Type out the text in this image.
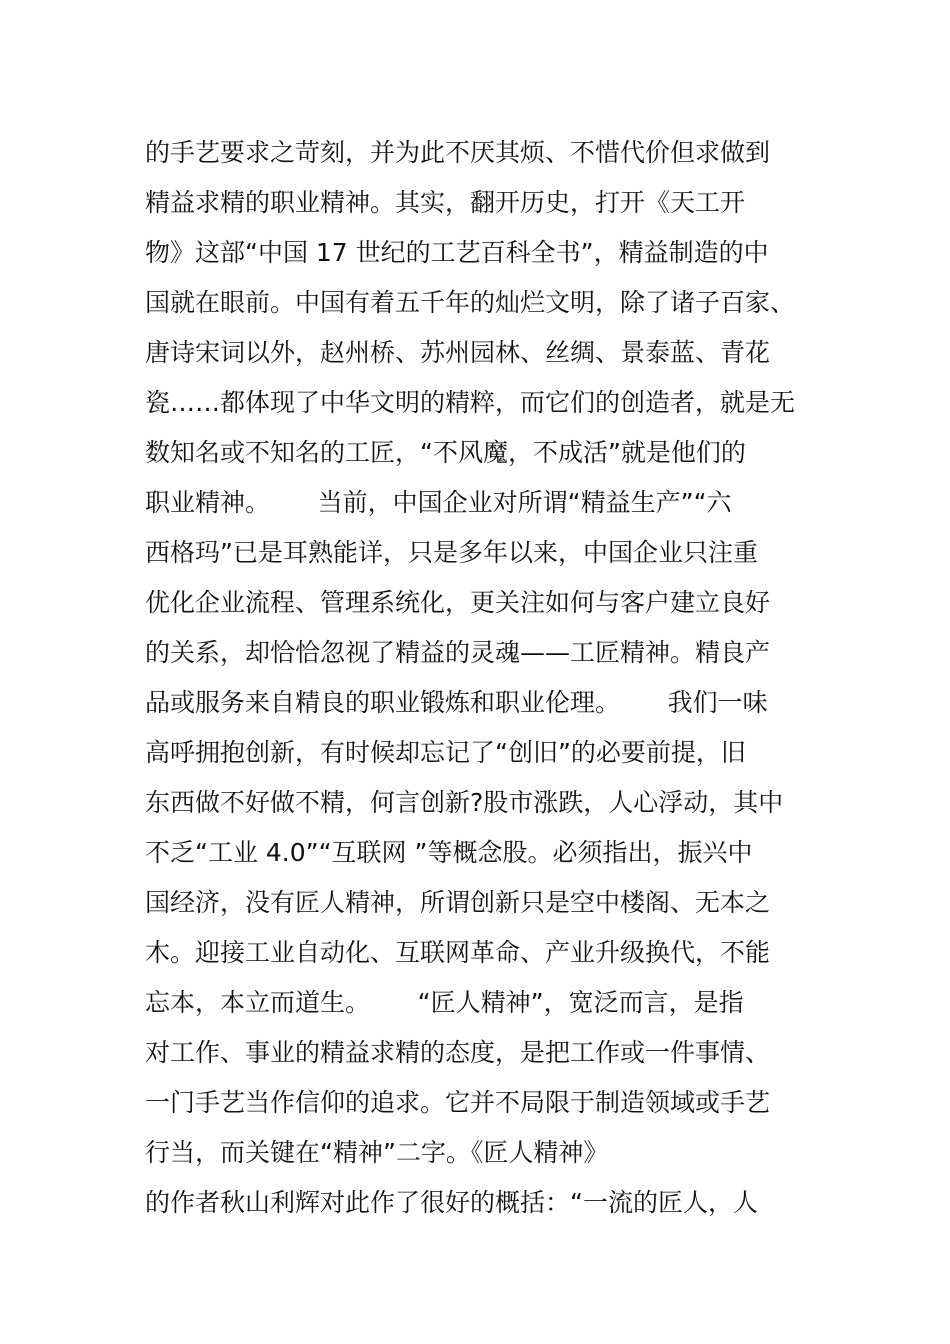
的手艺要求之苛刻，并为此不厌其烦、不惜代价但求做到
精益求精的职业精神。其实，翻开历史，打开《天工开
物》这部“中国 17 世纪的工艺百科全书”，精益制造的中
国就在眼前。中国有着五千年的灿烂文明，除了诸子百家、
唐诗宋词以外，赵州桥、苏州园林、丝绸、景泰蓝、青花
瓷……都体现了中华文明的精粹，而它们的创造者，就是无
数知名或不知名的工匠，“不风魔，不成活”就是他们的
职业精神。      当前，中国企业对所谓“精益生产”“六
西格玛”已是耳熟能详，只是多年以来，中国企业只注重
优化企业流程、管理系统化，更关注如何与客户建立良好
的关系，却恰恰忽视了精益的灵魂——工匠精神。精良产
品或服务来自精良的职业锻炼和职业伦理。      我们一味
高呼拥抱创新，有时候却忘记了“创旧”的必要前提，旧
东西做不好做不精，何言创新?股市涨跌，人心浮动，其中
不乏“工业 4.0”“互联网 ”等概念股。必须指出，振兴中
国经济，没有匠人精神，所谓创新只是空中楼阁、无本之
木。迎接工业自动化、互联网革命、产业升级换代，不能
忘本，本立而道生。      “匠人精神”，宽泛而言，是指
对工作、事业的精益求精的态度，是把工作或一件事情、
一门手艺当作信仰的追求。它并不局限于制造领域或手艺
行当，而关键在“精神”二字。《匠人精神》
的作者秋山利辉对此作了很好的概括：“一流的匠人，人
